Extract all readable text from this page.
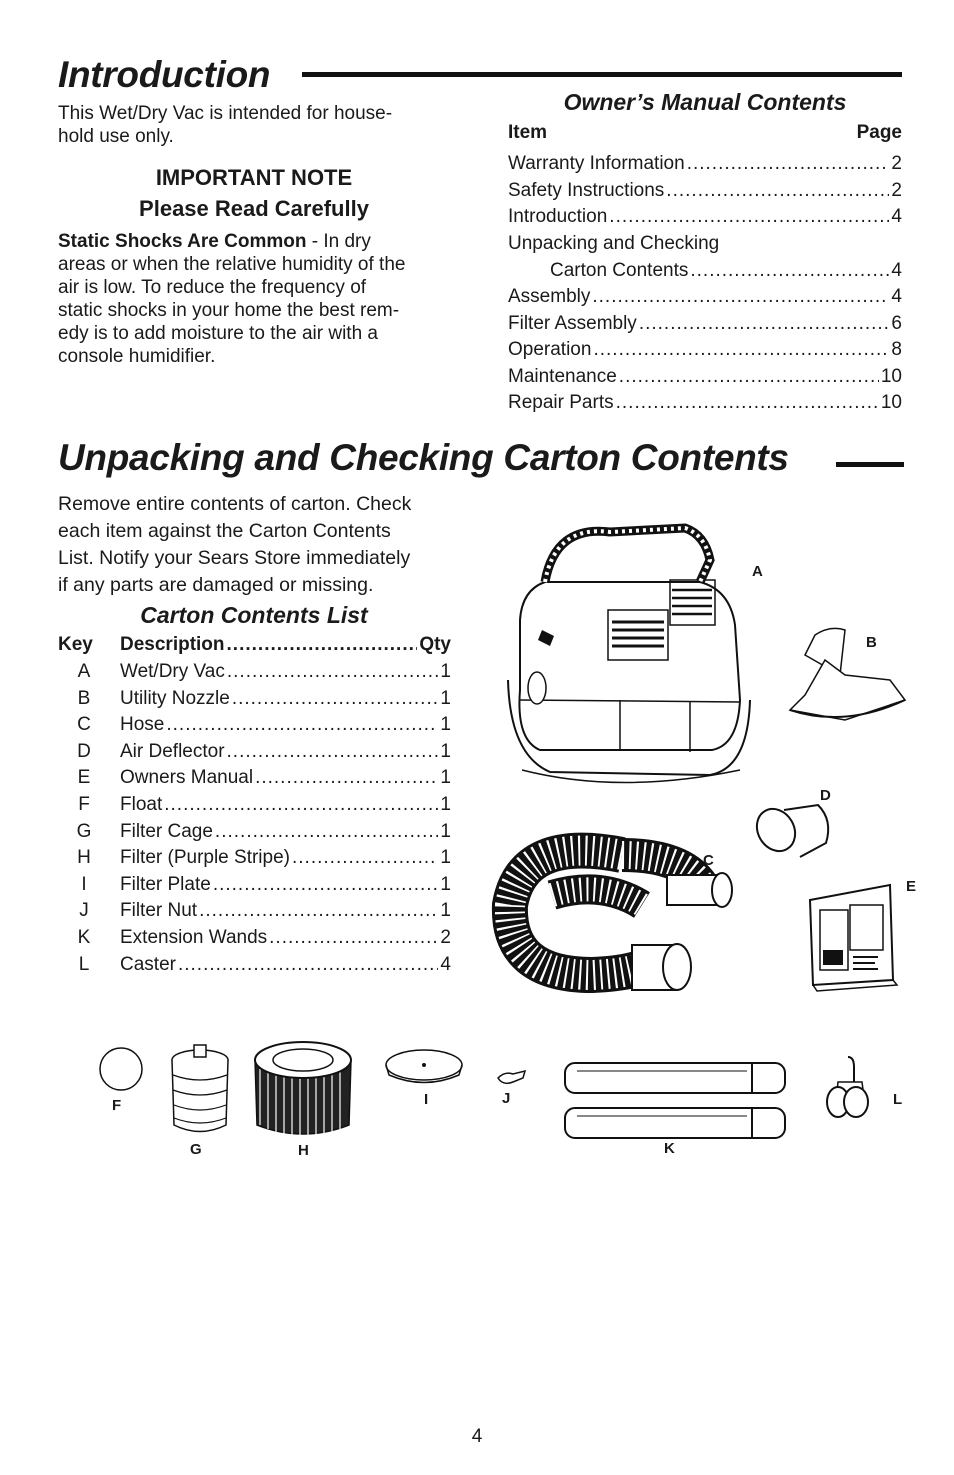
Introduction
This Wet/Dry Vac is intended for house-
hold use only.
IMPORTANT NOTE
Please Read Carefully
Static Shocks Are Common - In dry
areas or when the relative humidity of the
air is low. To reduce the frequency of
static shocks in your home the best rem-
edy is to add moisture to the air with a
console humidifier.
Owner’s Manual Contents
Item	Page
Warranty Information .....	2
Safety Instructions .....	2
Introduction .....	4
Unpacking and Checking
Carton Contents .....	4
Assembly .....	4
Filter Assembly .....	6
Operation .....	8
Maintenance .....	10
Repair Parts .....	10
Unpacking and Checking Carton Contents
Remove entire contents of carton. Check
each item against the Carton Contents
List. Notify your Sears Store immediately
if any parts are damaged or missing.
Carton Contents List
Key Description .....	Qty
A	Wet/Dry Vac .....	1
B	Utility Nozzle .....	1
C	Hose .....	1
D	Air Deflector .....	1
E	Owners Manual .....	1
F	Float .....	1
G	Filter Cage .....	1
H	Filter (Purple Stripe) .....	1
I	Filter Plate .....	1
J	Filter Nut .....	1
K	Extension Wands .....	2
L	Caster .....	4
A
B
D
C
E
F
G	H
I	J
K
L
4
